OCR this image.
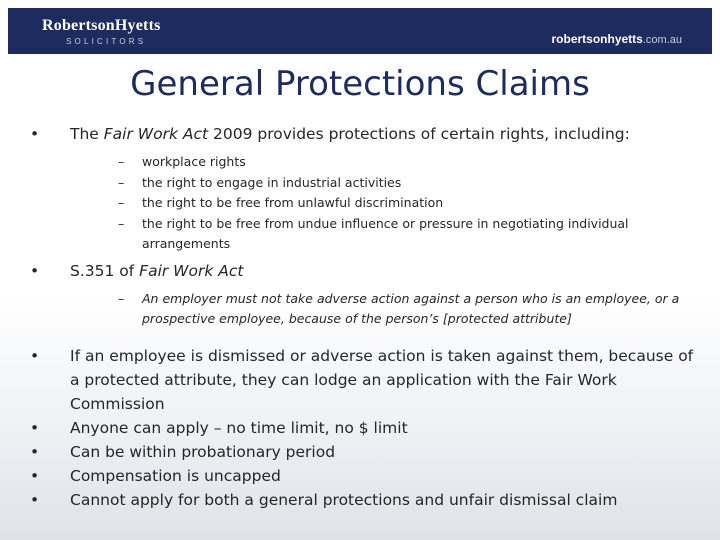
RobertsonHyetts
SOLICITORS	robertsonhyetts.com.au
General Protections Claims
• The Fair Work Act 2009 provides protections of certain rights, including:
– workplace rights
– the right to engage in industrial activities
– the right to be free from unlawful discrimination
– the right to be free from undue influence or pressure in negotiating individual arrangements
• S.351 of Fair Work Act
– An employer must not take adverse action against a person who is an employee, or a prospective employee, because of the person’s [protected attribute]
• If an employee is dismissed or adverse action is taken against them, because of a protected attribute, they can lodge an application with the Fair Work Commission
• Anyone can apply – no time limit, no $ limit
• Can be within probationary period
• Compensation is uncapped
• Cannot apply for both a general protections and unfair dismissal claim
